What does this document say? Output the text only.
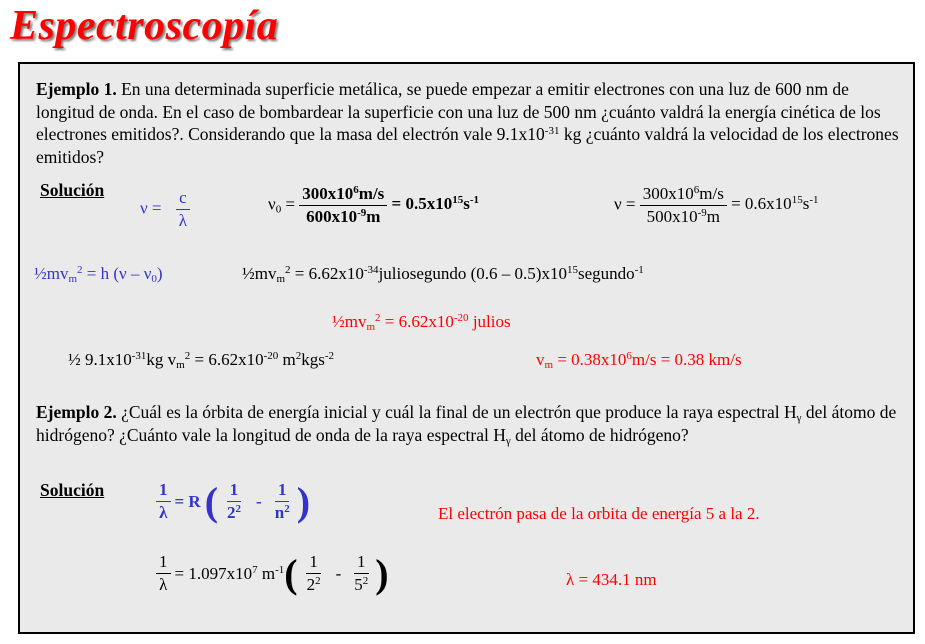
Espectroscopía
Ejemplo 1. En una determinada superficie metálica, se puede empezar a emitir electrones con una luz de 600 nm de longitud de onda. En el caso de bombardear la superficie con una luz de 500 nm ¿cuánto valdrá la energía cinética de los electrones emitidos?. Considerando que la masa del electrón vale $9.1x10^{-31}$ kg ¿cuánto valdrá la velocidad de los electrones emitidos?
Solución
$\nu = \frac{c}{\lambda}$	$\nu_0 = \frac{300x10^6m/s}{600x10^{-9}m} = 0.5x10^{15}s^{-1}$	$\nu = \frac{300x10^6m/s}{500x10^{-9}m} = 0.6x10^{15}s^{-1}$
$\frac{1}{2}mv_m^2 = h$ $(\nu - \nu_0)$	$\frac{1}{2}mv_m^2$ = $6.62x10^{-34}juliosegundo$ $(0.6 - 0.5)x10^{15}segundo^{-1}$
$\frac{1}{2}mv_m^2 = 6.62x10^{-20}$ julios
½ $9.1x10^{-31}kg$ $v_m^2 = 6.62x10^{-20}$ $m^2kgs^{-2}$	$v_m = 0.38x10^6m/s = 0.38$ km/s
Ejemplo 2. ¿Cuál es la órbita de energía inicial y cuál la final de un electrón que produce la raya espectral $H_\gamma$ del átomo de hidrógeno? ¿Cuánto vale la longitud de onda de la raya espectral $H_\gamma$ del átomo de hidrógeno?
Solución	$\frac{1}{\lambda} = R$ ( $\frac{1}{2^2} - \frac{1}{n^2}$ )	El electrón pasa de la orbita de energía 5 a la 2.
$\frac{1}{\lambda} = 1.097x10^7$ $m^{-1}$ ( $\frac{1}{2^2} - \frac{1}{5^2}$ )	λ = 434.1 nm
